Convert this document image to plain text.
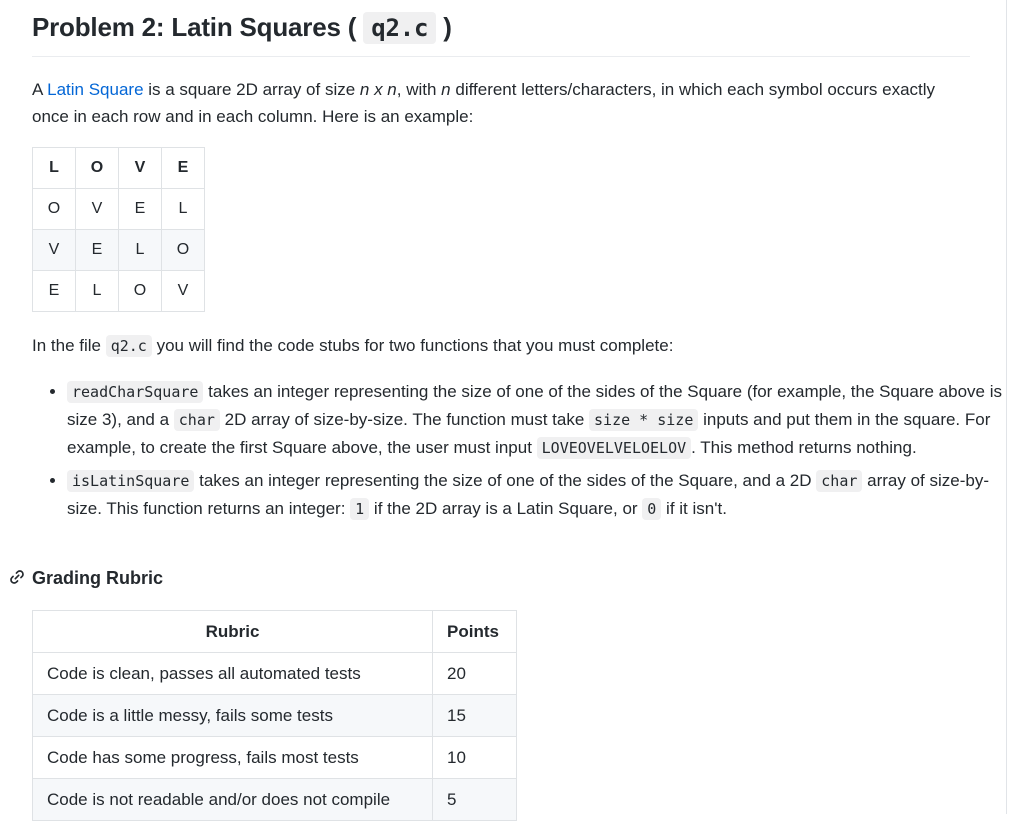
Problem 2: Latin Squares ( q2.c )

A Latin Square is a square 2D array of size n x n, with n different letters/characters, in which each symbol occurs exactly once in each row and in each column. Here is an example:

L	O	V	E
O	V	E	L
V	E	L	O
E	L	O	V

In the file q2.c you will find the code stubs for two functions that you must complete:

• readCharSquare takes an integer representing the size of one of the sides of the Square (for example, the Square above is size 3), and a char 2D array of size-by-size. The function must take size * size inputs and put them in the square. For example, to create the first Square above, the user must input LOVEOVELVELOELOV . This method returns nothing.
• isLatinSquare takes an integer representing the size of one of the sides of the Square, and a 2D char array of size-by-size. This function returns an integer: 1 if the 2D array is a Latin Square, or 0 if it isn't.
Grading Rubric
Rubric	Points
Code is clean, passes all automated tests	20
Code is a little messy, fails some tests	15
Code has some progress, fails most tests	10
Code is not readable and/or does not compile	5
